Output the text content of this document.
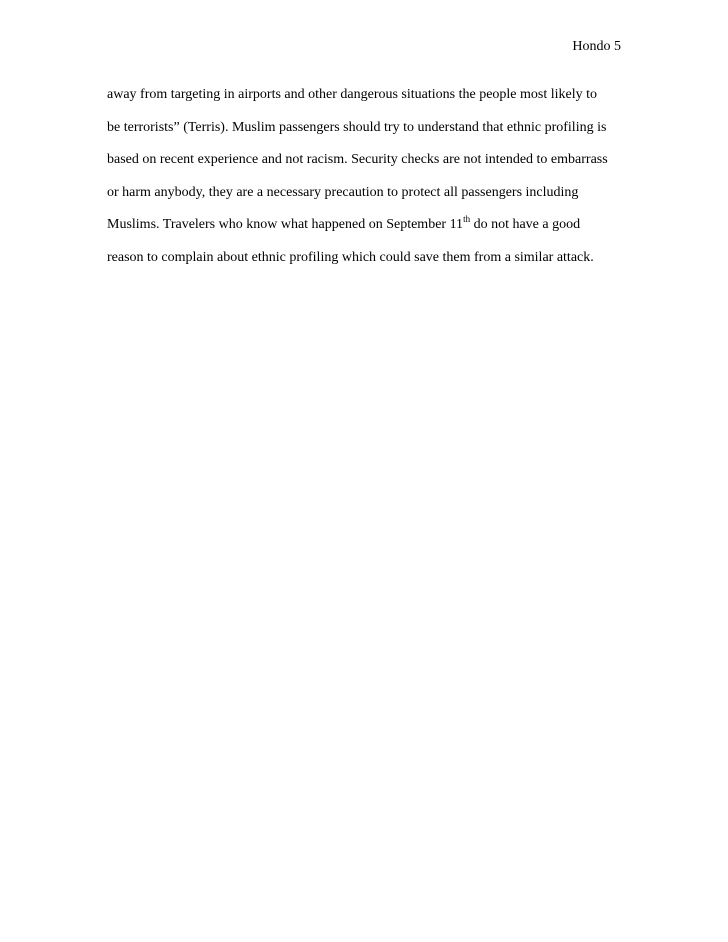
Hondo 5
away from targeting in airports and other dangerous situations the people most likely to
be terrorists” (Terris). Muslim passengers should try to understand that ethnic profiling is
based on recent experience and not racism. Security checks are not intended to embarrass
or harm anybody, they are a necessary precaution to protect all passengers including
Muslims. Travelers who know what happened on September 11th do not have a good
reason to complain about ethnic profiling which could save them from a similar attack.
